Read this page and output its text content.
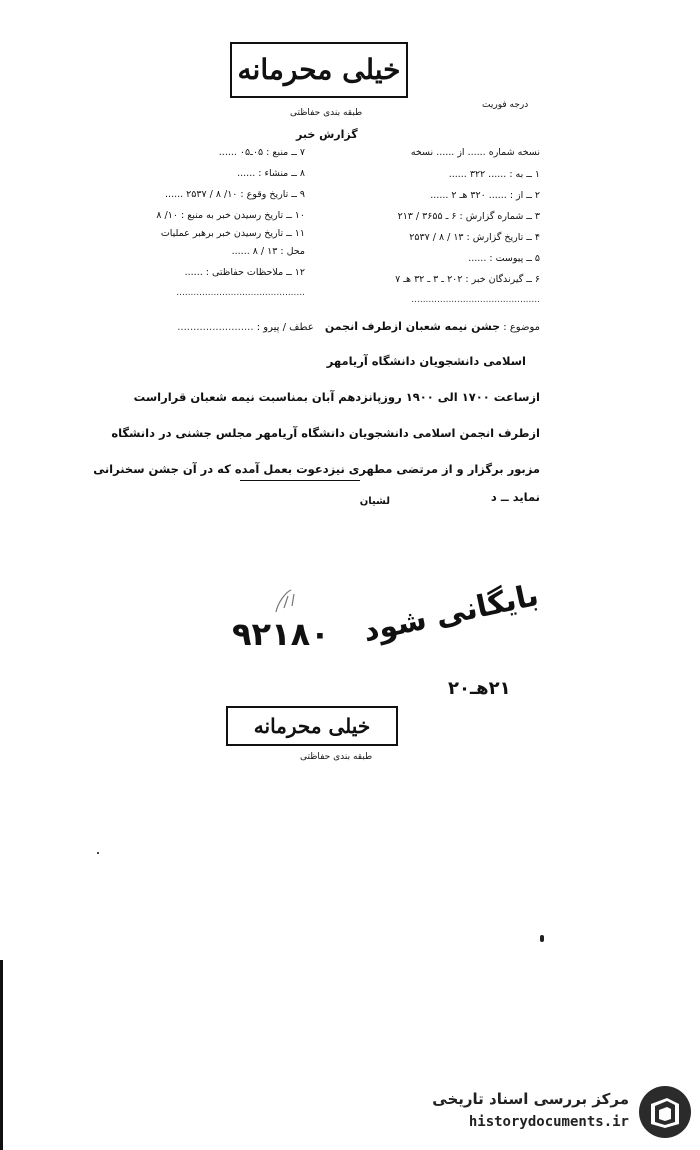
خیلی محرمانه
طبقه بندی حفاظتی
درجه فوریت
گزارش خبر
نسخه شماره ...... از ...... نسخه
۱ ــ به : ...... ۳۲۲ ......
۲ ــ از : ...... ۳۲۰ هـ ۲ ......
۳ ــ شماره گزارش : ۶ ـ ۳۶۵۵ / ۲۱۳
۴ ــ تاریخ گزارش : ۱۳ / ۸ / ۲۵۳۷
۵ ــ پیوست : ......
۶ ــ گیرندگان خبر : ۲۰۲ ـ ۳ ـ ۳۲ هـ ۷
.............................................
۷ ــ منبع : ۰۵ـ۰۵ ......
۸ ــ منشاء : ......
۹ ــ تاریخ وقوع : ۱۰/ ۸ / ۲۵۳۷ ......
۱۰ ــ تاریخ رسیدن خبر به منبع : ۱۰/ ۸
۱۱ ــ تاریخ رسیدن خبر برهبر عملیات
محل : ۱۳ / ۸ ......
۱۲ ــ ملاحظات حفاظتی : ......
.............................................
موضوع : جشن نیمه شعبان ازطرف انجمن عطف / پیرو : ........................
اسلامی دانشجویان دانشگاه آریامهر
ازساعت ۱۷۰۰ الی ۱۹۰۰ روزپانزدهم آبان بمناسبت نیمه شعبان قراراست
ازطرف انجمن اسلامی دانشجویان دانشگاه آریامهر مجلس جشنی در دانشگاه
مزبور برگزار و از مرتضی مطهری نیزدعوت بعمل آمده که در آن جشن سخنرانی
نماید ــ د
لشیان
۹۲۱۸۰ بایگانی شود
۲۱هـ۲۰
خیلی محرمانه
طبقه بندی حفاظتی
مرکز بررسی اسناد تاریخی
historydocuments.ir
